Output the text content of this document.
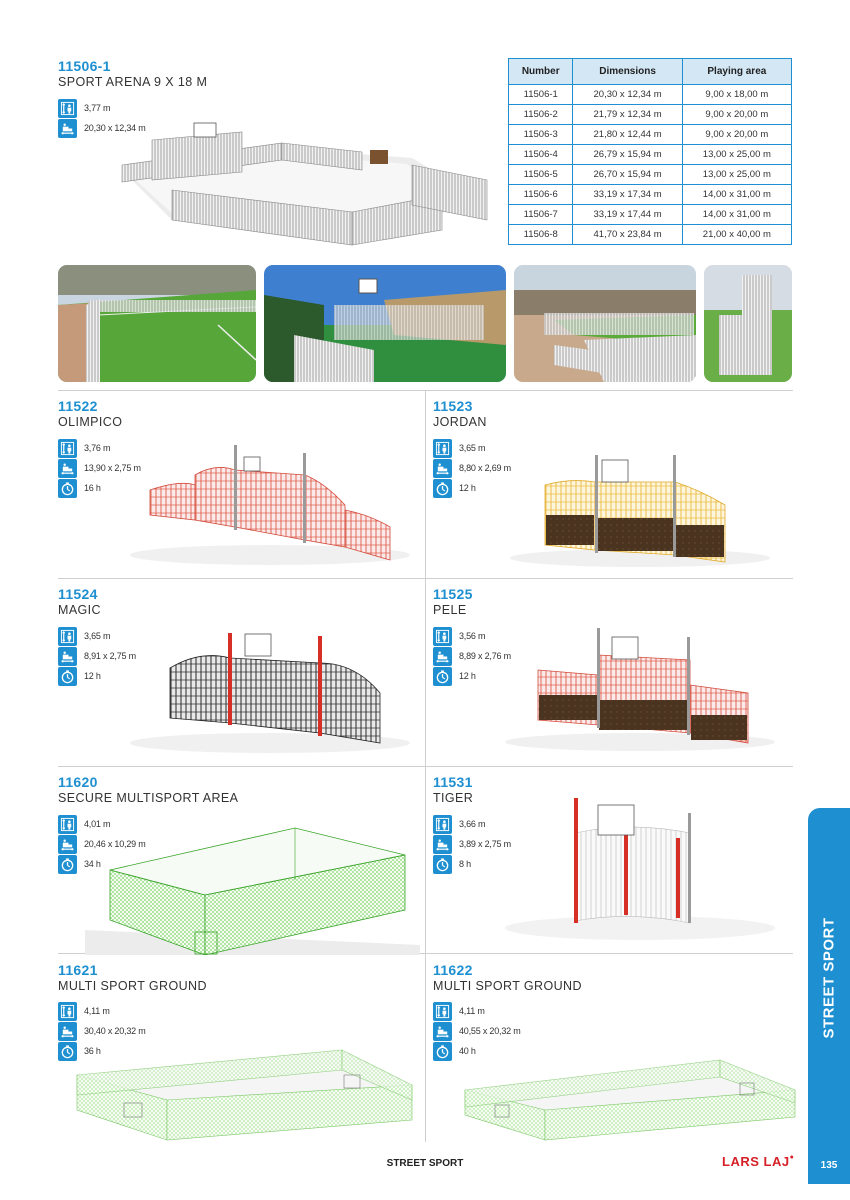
11506-1
SPORT ARENA 9 X 18 M
3,77 m
20,30 x 12,34 m
Number	Dimensions	Playing area
11506-1	20,30 x 12,34 m	9,00 x 18,00 m
11506-2	21,79 x 12,34 m	9,00 x 20,00 m
11506-3	21,80 x 12,44 m	9,00 x 20,00 m
11506-4	26,79 x 15,94 m	13,00 x 25,00 m
11506-5	26,70 x 15,94 m	13,00 x 25,00 m
11506-6	33,19 x 17,34 m	14,00 x 31,00 m
11506-7	33,19 x 17,44 m	14,00 x 31,00 m
11506-8	41,70 x 23,84 m	21,00 x 40,00 m
11522
OLIMPICO
3,76 m
13,90 x 2,75 m
16 h
11523
JORDAN
3,65 m
8,80 x 2,69 m
12 h
11524
MAGIC
3,65 m
8,91 x 2,75 m
12 h
11525
PELE
3,56 m
8,89 x 2,76 m
12 h
11620
SECURE MULTISPORT AREA
4,01 m
20,46 x 10,29 m
34 h
11531
TIGER
3,66 m
3,89 x 2,75 m
8 h
11621
MULTI SPORT GROUND
4,11 m
30,40 x 20,32 m
36 h
11622
MULTI SPORT GROUND
4,11 m
40,55 x 20,32 m
40 h
STREET SPORT
135
STREET SPORT	LARS LAJ●
